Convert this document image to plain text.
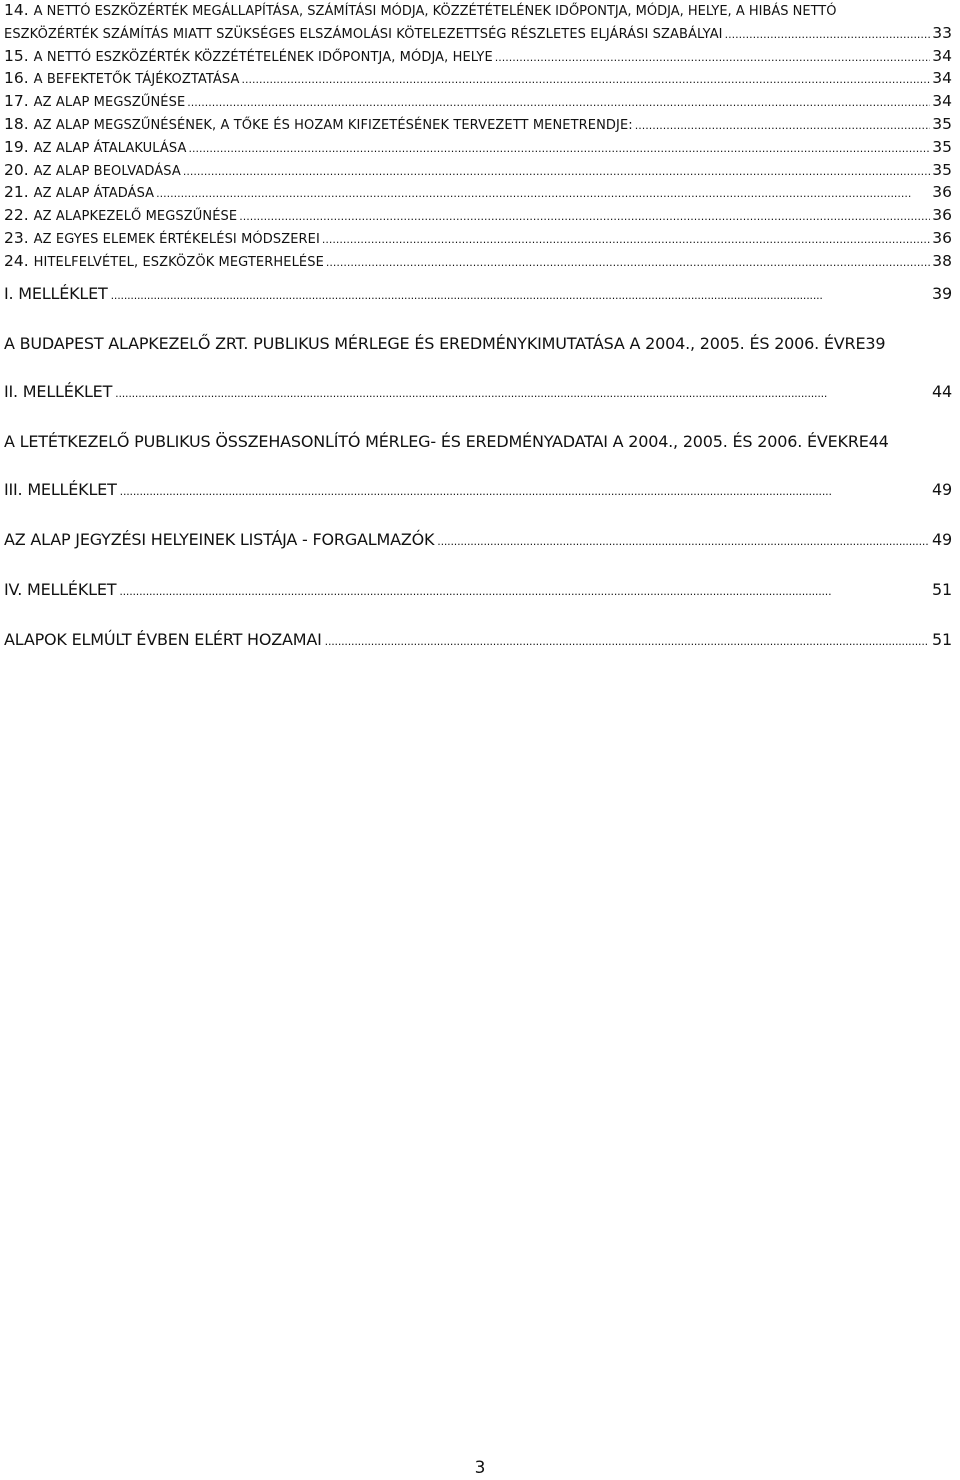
14. A NETTÓ ESZKÖZÉRTÉK MEGÁLLAPÍTÁSA, SZÁMÍTÁSI MÓDJA, KÖZZÉTÉTELÉNEK IDŐPONTJA, MÓDJA, HELYE, A HIBÁS NETTÓ
ESZKÖZÉRTÉK SZÁMÍTÁS MIATT SZÜKSÉGES ELSZÁMOLÁSI KÖTELEZETTSÉG RÉSZLETES ELJÁRÁSI SZABÁLYAI .....	33
15. A NETTÓ ESZKÖZÉRTÉK KÖZZÉTÉTELÉNEK IDŐPONTJA, MÓDJA, HELYE .....	34
16. A BEFEKTETŐK TÁJÉKOZTATÁSA .....	34
17. AZ ALAP MEGSZŰNÉSE .....	34
18. AZ ALAP MEGSZŰNÉSÉNEK, A TŐKE ÉS HOZAM KIFIZETÉSÉNEK TERVEZETT MENETRENDJE: .....	35
19. AZ ALAP ÁTALAKULÁSA .....	35
20. AZ ALAP BEOLVADÁSA .....	35
21. AZ ALAP ÁTADÁSA .....	36
22. AZ ALAPKEZELŐ MEGSZŰNÉSE .....	36
23. AZ EGYES ELEMEK ÉRTÉKELÉSI MÓDSZEREI .....	36
24. HITELFELVÉTEL, ESZKÖZÖK MEGTERHELÉSE .....	38
I. MELLÉKLET .....	39
A BUDAPEST ALAPKEZELŐ ZRT. PUBLIKUS MÉRLEGE ÉS EREDMÉNYKIMUTATÁSA A 2004., 2005. ÉS 2006. ÉVRE 39
II. MELLÉKLET .....	44
A LETÉTKEZELŐ PUBLIKUS ÖSSZEHASONLÍTÓ MÉRLEG- ÉS EREDMÉNYADATAI A 2004., 2005. ÉS 2006. ÉVEKRE 44
III. MELLÉKLET .....	49
AZ ALAP JEGYZÉSI HELYEINEK LISTÁJA - FORGALMAZÓK .....	49
IV. MELLÉKLET .....	51
ALAPOK ELMÚLT ÉVBEN ELÉRT HOZAMAI .....	51
3
